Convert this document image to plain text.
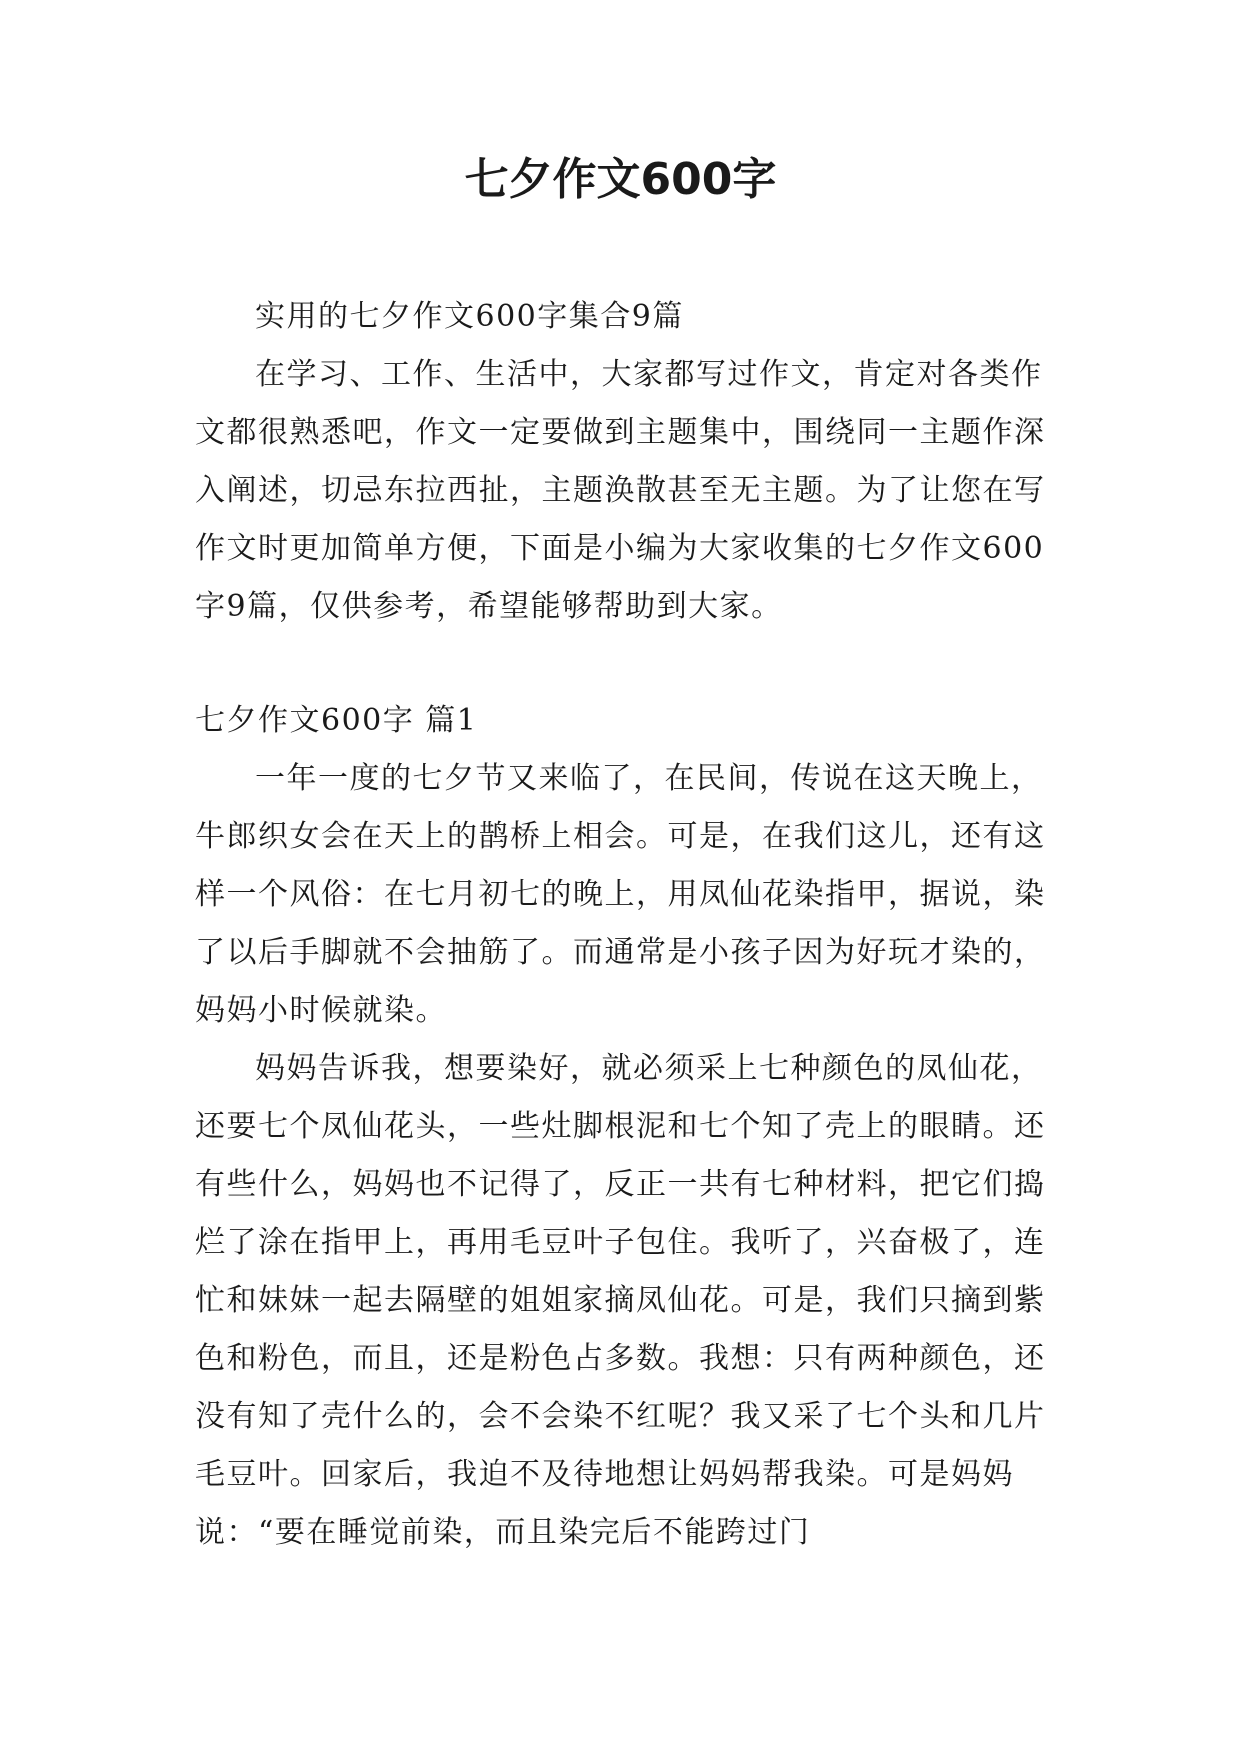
七夕作文600字

实用的七夕作文600字集合9篇

在学习、工作、生活中，大家都写过作文，肯定对各类作文都很熟悉吧，作文一定要做到主题集中，围绕同一主题作深入阐述，切忌东拉西扯，主题涣散甚至无主题。为了让您在写作文时更加简单方便，下面是小编为大家收集的七夕作文600字9篇，仅供参考，希望能够帮助到大家。

七夕作文600字 篇1

一年一度的七夕节又来临了，在民间，传说在这天晚上，牛郎织女会在天上的鹊桥上相会。可是，在我们这儿，还有这样一个风俗：在七月初七的晚上，用凤仙花染指甲，据说，染了以后手脚就不会抽筋了。而通常是小孩子因为好玩才染的，妈妈小时候就染。

妈妈告诉我，想要染好，就必须采上七种颜色的凤仙花，还要七个凤仙花头，一些灶脚根泥和七个知了壳上的眼睛。还有些什么，妈妈也不记得了，反正一共有七种材料，把它们捣烂了涂在指甲上，再用毛豆叶子包住。我听了，兴奋极了，连忙和妹妹一起去隔壁的姐姐家摘凤仙花。可是，我们只摘到紫色和粉色，而且，还是粉色占多数。我想：只有两种颜色，还没有知了壳什么的，会不会染不红呢？我又采了七个头和几片毛豆叶。回家后，我迫不及待地想让妈妈帮我染。可是妈妈说：“要在睡觉前染，而且染完后不能跨过门
